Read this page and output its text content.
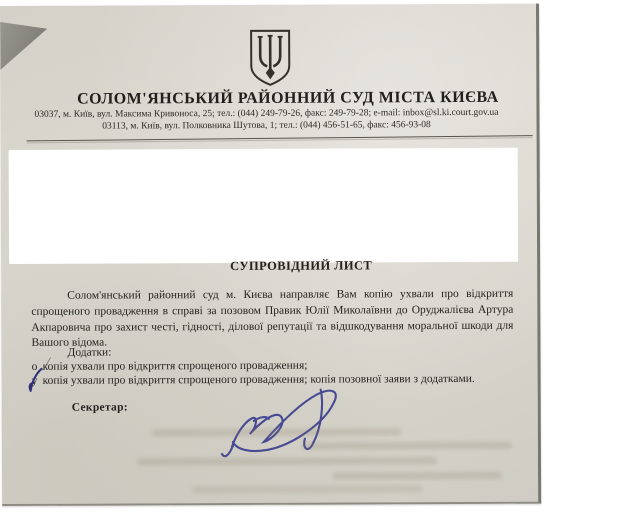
СОЛОМ'ЯНСЬКИЙ РАЙОННИЙ СУД МІСТА КИЄВА
03037, м. Київ, вул. Максима Кривоноса, 25; тел.: (044) 249-79-26, факс: 249-79-28; e-mail: inbox@sl.ki.court.gov.ua
03113, м. Київ, вул. Полковника Шутова, 1; тел.: (044) 456-51-65, факс: 456-93-08
СУПРОВІДНИЙ ЛИСТ

Солом'янський районний суд м. Києва направляє Вам копію ухвали про відкриття спрощеного провадження в справі за позовом Правик Юлії Миколаївни до Оруджалієва Артура Акпаровича про захист честі, гідності, ділової репутації та відшкодування моральної шкоди для Вашого відома.

Додатки:
о копія ухвали про відкриття спрощеного провадження;
у копія ухвали про відкриття спрощеного провадження; копія позовної заяви з додатками.
Секретар:
